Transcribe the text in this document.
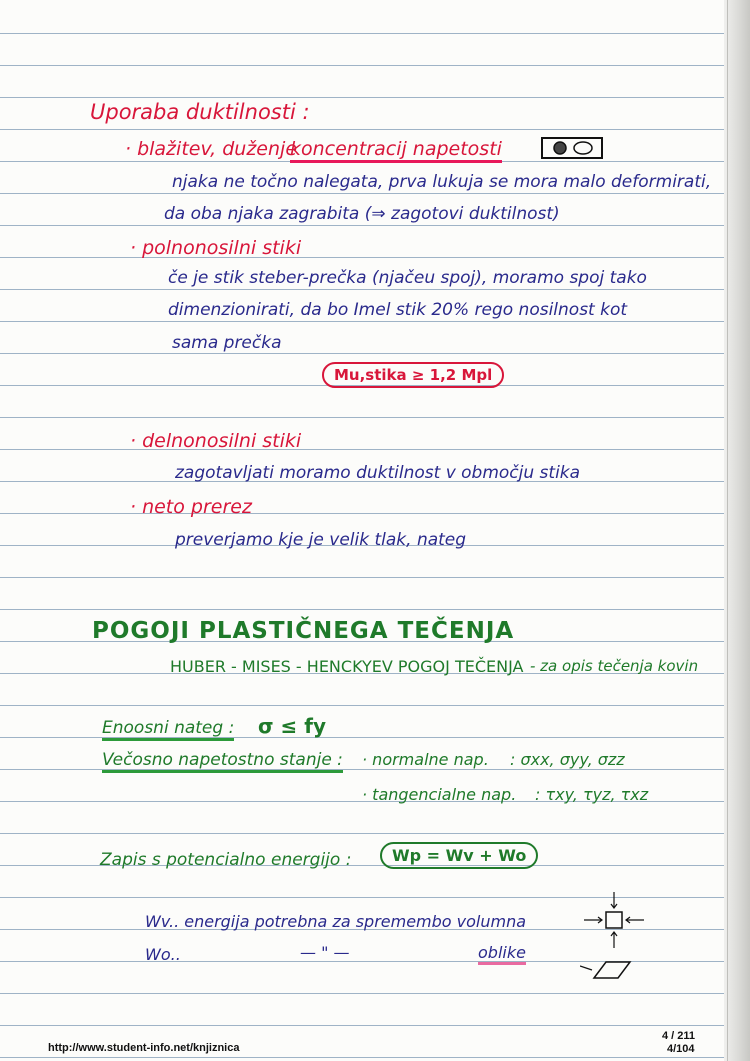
Uporaba duktilnosti :
· blažitev, duženje
koncentracij napetosti
njaka ne točno nalegata, prva lukuja se mora malo deformirati,
da oba njaka zagrabita (⇒ zagotovi duktilnost)
· polnonosilni stiki
če je stik steber-prečka (njačeu spoj), moramo spoj tako
dimenzionirati, da bo Imel stik 20% rego nosilnost kot
sama prečka
Mu,stika ≥ 1,2 Mpl
· delnonosilni stiki
zagotavljati moramo duktilnost v območju stika
· neto prerez
preverjamo kje je velik tlak, nateg
POGOJI PLASTIČNEGA TEČENJA
HUBER - MISES - HENCKYEV POGOJ TEČENJA - za opis tečenja kovin
Enoosni nateg : σ ≤ fy
Večosno napetostno stanje : · normalne nap. : σxx, σyy, σzz
· tangencialne nap. : τxy, τyz, τxz
Zapis s potencialno energijo :	Wp = Wv + Wo
Wv.. energija potrebna za spremembo volumna
Wo..	— " —	oblike
http://www.student-info.net/knjiznica
4 / 211
4/104
